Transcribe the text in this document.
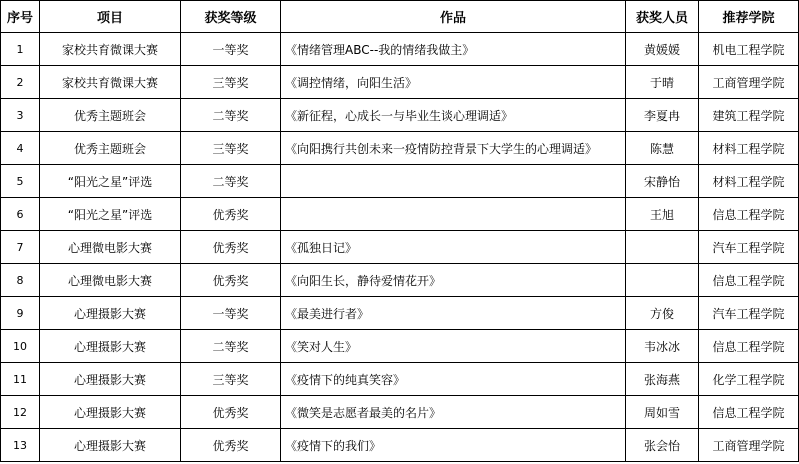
序号	项目	获奖等级	作品	获奖人员	推荐学院
1	家校共育微课大赛	一等奖	《情绪管理ABC--我的情绪我做主》	黄媛媛	机电工程学院
2	家校共育微课大赛	三等奖	《调控情绪，向阳生活》	于晴	工商管理学院
3	优秀主题班会	二等奖	《新征程，心成长一与毕业生谈心理调适》	李夏冉	建筑工程学院
4	优秀主题班会	三等奖	《向阳携行共创未来一疫情防控背景下大学生的心理调适》	陈慧	材料工程学院
5	“阳光之星”评选	二等奖		宋静怡	材料工程学院
6	“阳光之星”评选	优秀奖		王旭	信息工程学院
7	心理微电影大赛	优秀奖	《孤独日记》		汽车工程学院
8	心理微电影大赛	优秀奖	《向阳生长，静待爱情花开》		信息工程学院
9	心理摄影大赛	一等奖	《最美进行者》	方俊	汽车工程学院
10	心理摄影大赛	二等奖	《笑对人生》	韦冰冰	信息工程学院
11	心理摄影大赛	三等奖	《疫情下的纯真笑容》	张海燕	化学工程学院
12	心理摄影大赛	优秀奖	《微笑是志愿者最美的名片》	周如雪	信息工程学院
13	心理摄影大赛	优秀奖	《疫情下的我们》	张会怡	工商管理学院
